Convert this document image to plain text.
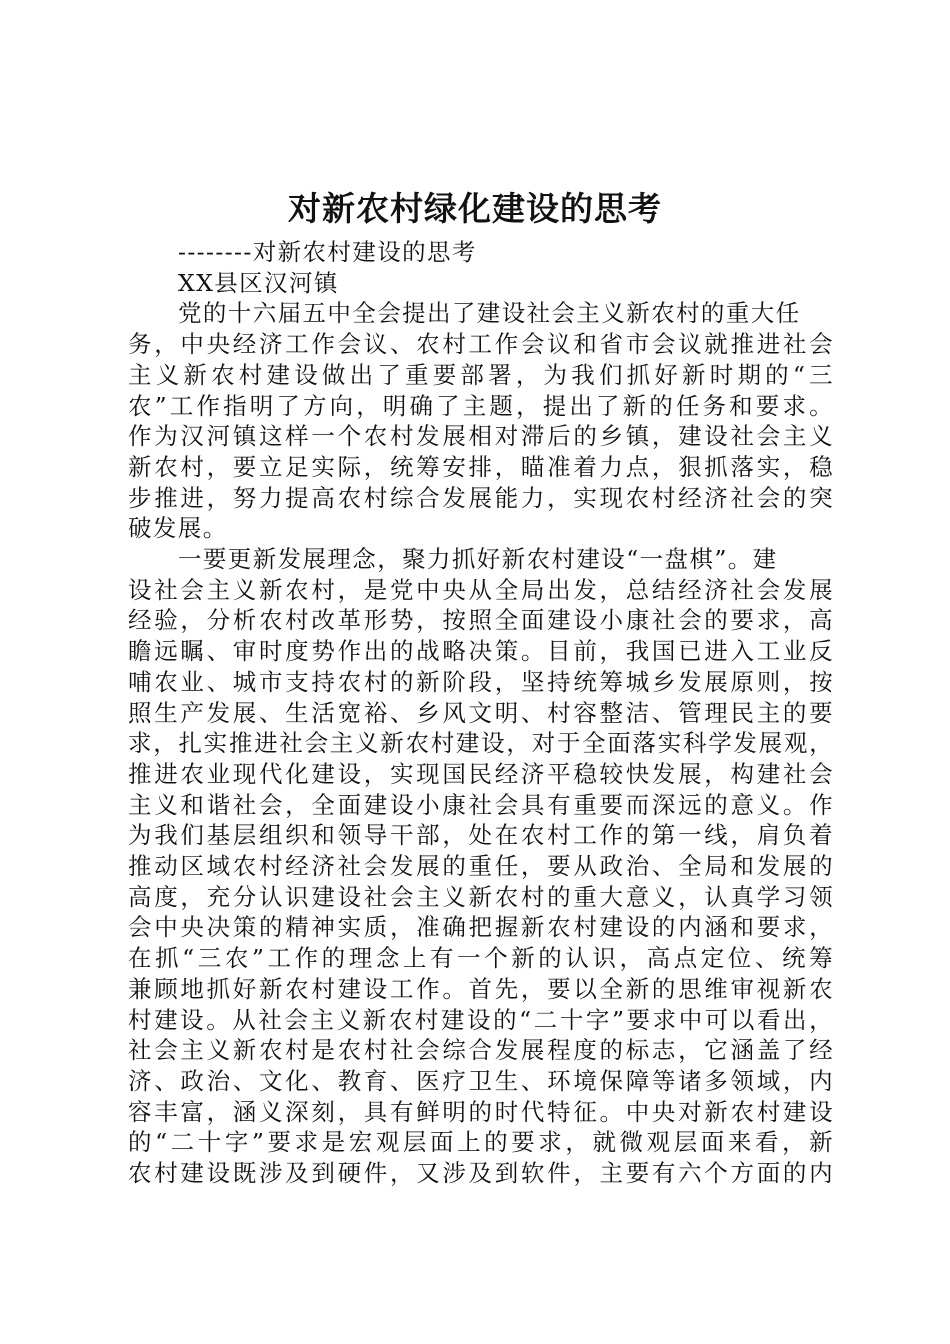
对新农村绿化建设的思考
--------对新农村建设的思考
XX县区汉河镇
党的十六届五中全会提出了建设社会主义新农村的重大任
务，中央经济工作会议、农村工作会议和省市会议就推进社会
主义新农村建设做出了重要部署，为我们抓好新时期的“三
农”工作指明了方向，明确了主题，提出了新的任务和要求。
作为汉河镇这样一个农村发展相对滞后的乡镇，建设社会主义
新农村，要立足实际，统筹安排，瞄准着力点，狠抓落实，稳
步推进，努力提高农村综合发展能力，实现农村经济社会的突
破发展。
一要更新发展理念，聚力抓好新农村建设“一盘棋”。建
设社会主义新农村，是党中央从全局出发，总结经济社会发展
经验，分析农村改革形势，按照全面建设小康社会的要求，高
瞻远瞩、审时度势作出的战略决策。目前，我国已进入工业反
哺农业、城市支持农村的新阶段，坚持统筹城乡发展原则，按
照生产发展、生活宽裕、乡风文明、村容整洁、管理民主的要
求，扎实推进社会主义新农村建设，对于全面落实科学发展观，
推进农业现代化建设，实现国民经济平稳较快发展，构建社会
主义和谐社会，全面建设小康社会具有重要而深远的意义。作
为我们基层组织和领导干部，处在农村工作的第一线，肩负着
推动区域农村经济社会发展的重任，要从政治、全局和发展的
高度，充分认识建设社会主义新农村的重大意义，认真学习领
会中央决策的精神实质，准确把握新农村建设的内涵和要求，
在抓“三农”工作的理念上有一个新的认识，高点定位、统筹
兼顾地抓好新农村建设工作。首先，要以全新的思维审视新农
村建设。从社会主义新农村建设的“二十字”要求中可以看出，
社会主义新农村是农村社会综合发展程度的标志，它涵盖了经
济、政治、文化、教育、医疗卫生、环境保障等诸多领域，内
容丰富，涵义深刻，具有鲜明的时代特征。中央对新农村建设
的“二十字”要求是宏观层面上的要求，就微观层面来看，新
农村建设既涉及到硬件，又涉及到软件，主要有六个方面的内
